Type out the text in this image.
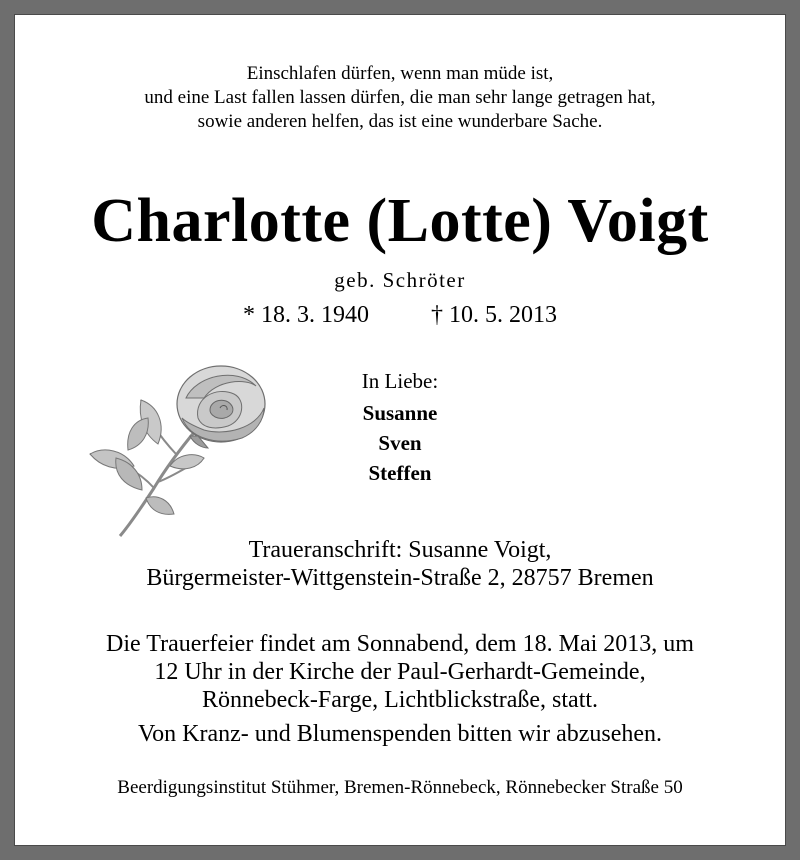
Einschlafen dürfen, wenn man müde ist,
und eine Last fallen lassen dürfen, die man sehr lange getragen hat,
sowie anderen helfen, das ist eine wunderbare Sache.
Charlotte (Lotte) Voigt
geb. Schröter
* 18. 3. 1940	† 10. 5. 2013
In Liebe:
Susanne
Sven
Steffen
Traueranschrift: Susanne Voigt,
Bürgermeister-Wittgenstein-Straße 2, 28757 Bremen
Die Trauerfeier findet am Sonnabend, dem 18. Mai 2013, um
12 Uhr in der Kirche der Paul-Gerhardt-Gemeinde,
Rönnebeck-Farge, Lichtblickstraße, statt.
Von Kranz- und Blumenspenden bitten wir abzusehen.
Beerdigungsinstitut Stühmer, Bremen-Rönnebeck, Rönnebecker Straße 50
